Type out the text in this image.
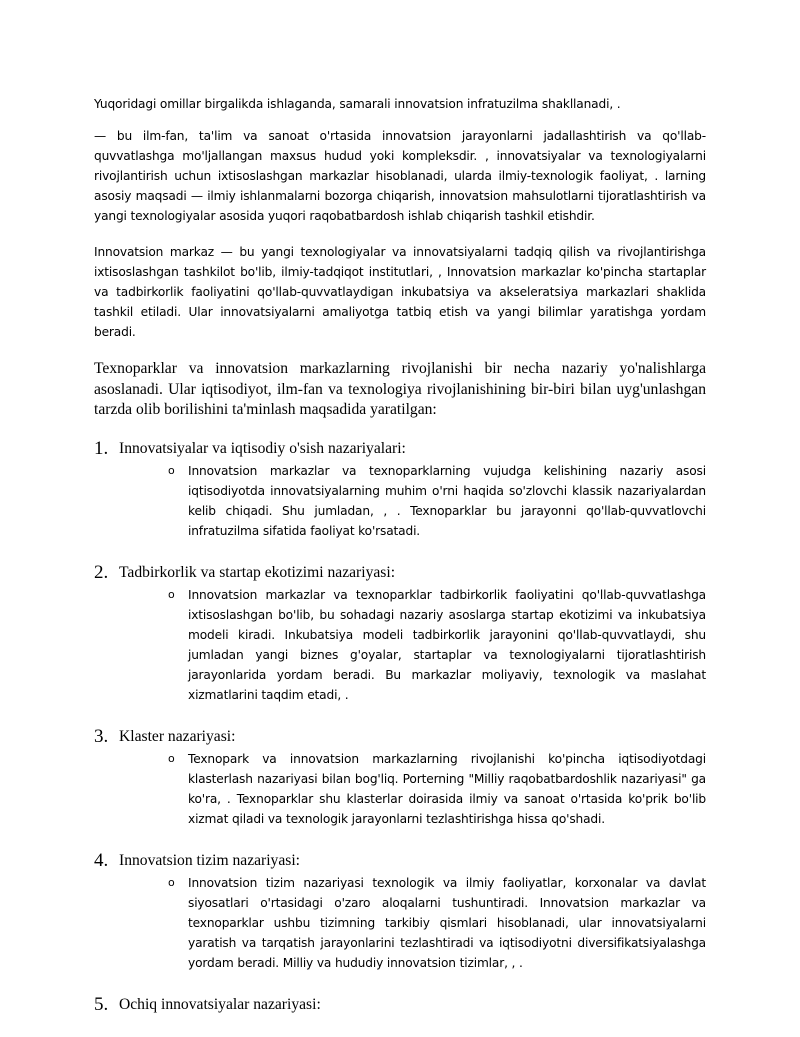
Yuqoridagi omillar birgalikda ishlaganda, samarali innovatsion infratuzilma shakllanadi, .

— bu ilm-fan, ta'lim va sanoat o'rtasida innovatsion jarayonlarni jadallashtirish va qo'llab-quvvatlashga mo'ljallangan maxsus hudud yoki kompleksdir. , innovatsiyalar va texnologiyalarni rivojlantirish uchun ixtisoslashgan markazlar hisoblanadi, ularda ilmiy-texnologik faoliyat, . larning asosiy maqsadi — ilmiy ishlanmalarni bozorga chiqarish, innovatsion mahsulotlarni tijoratlashtirish va yangi texnologiyalar asosida yuqori raqobatbardosh ishlab chiqarish tashkil etishdir.

Innovatsion markaz — bu yangi texnologiyalar va innovatsiyalarni tadqiq qilish va rivojlantirishga ixtisoslashgan tashkilot bo'lib, ilmiy-tadqiqot institutlari, , Innovatsion markazlar ko'pincha startaplar va tadbirkorlik faoliyatini qo'llab-quvvatlaydigan inkubatsiya va akseleratsiya markazlari shaklida tashkil etiladi. Ular innovatsiyalarni amaliyotga tatbiq etish va yangi bilimlar yaratishga yordam beradi.

Texnoparklar va innovatsion markazlarning rivojlanishi bir necha nazariy yo'nalishlarga asoslanadi. Ular iqtisodiyot, ilm-fan va texnologiya rivojlanishining bir-biri bilan uyg'unlashgan tarzda olib borilishini ta'minlash maqsadida yaratilgan:

1. Innovatsiyalar va iqtisodiy o'sish nazariyalari:
o Innovatsion markazlar va texnoparklarning vujudga kelishining nazariy asosi iqtisodiyotda innovatsiyalarning muhim o'rni haqida so'zlovchi klassik nazariyalardan kelib chiqadi. Shu jumladan, , . Texnoparklar bu jarayonni qo'llab-quvvatlovchi infratuzilma sifatida faoliyat ko'rsatadi.
2. Tadbirkorlik va startap ekotizimi nazariyasi:
o Innovatsion markazlar va texnoparklar tadbirkorlik faoliyatini qo'llab-quvvatlashga ixtisoslashgan bo'lib, bu sohadagi nazariy asoslarga startap ekotizimi va inkubatsiya modeli kiradi. Inkubatsiya modeli tadbirkorlik jarayonini qo'llab-quvvatlaydi, shu jumladan yangi biznes g'oyalar, startaplar va texnologiyalarni tijoratlashtirish jarayonlarida yordam beradi. Bu markazlar moliyaviy, texnologik va maslahat xizmatlarini taqdim etadi, .
3. Klaster nazariyasi:
o Texnopark va innovatsion markazlarning rivojlanishi ko'pincha iqtisodiyotdagi klasterlash nazariyasi bilan bog'liq. Porterning "Milliy raqobatbardoshlik nazariyasi" ga ko'ra, . Texnoparklar shu klasterlar doirasida ilmiy va sanoat o'rtasida ko'prik bo'lib xizmat qiladi va texnologik jarayonlarni tezlashtirishga hissa qo'shadi.
4. Innovatsion tizim nazariyasi:
o Innovatsion tizim nazariyasi texnologik va ilmiy faoliyatlar, korxonalar va davlat siyosatlari o'rtasidagi o'zaro aloqalarni tushuntiradi. Innovatsion markazlar va texnoparklar ushbu tizimning tarkibiy qismlari hisoblanadi, ular innovatsiyalarni yaratish va tarqatish jarayonlarini tezlashtiradi va iqtisodiyotni diversifikatsiyalashga yordam beradi. Milliy va hududiy innovatsion tizimlar, , .
5. Ochiq innovatsiyalar nazariyasi:
